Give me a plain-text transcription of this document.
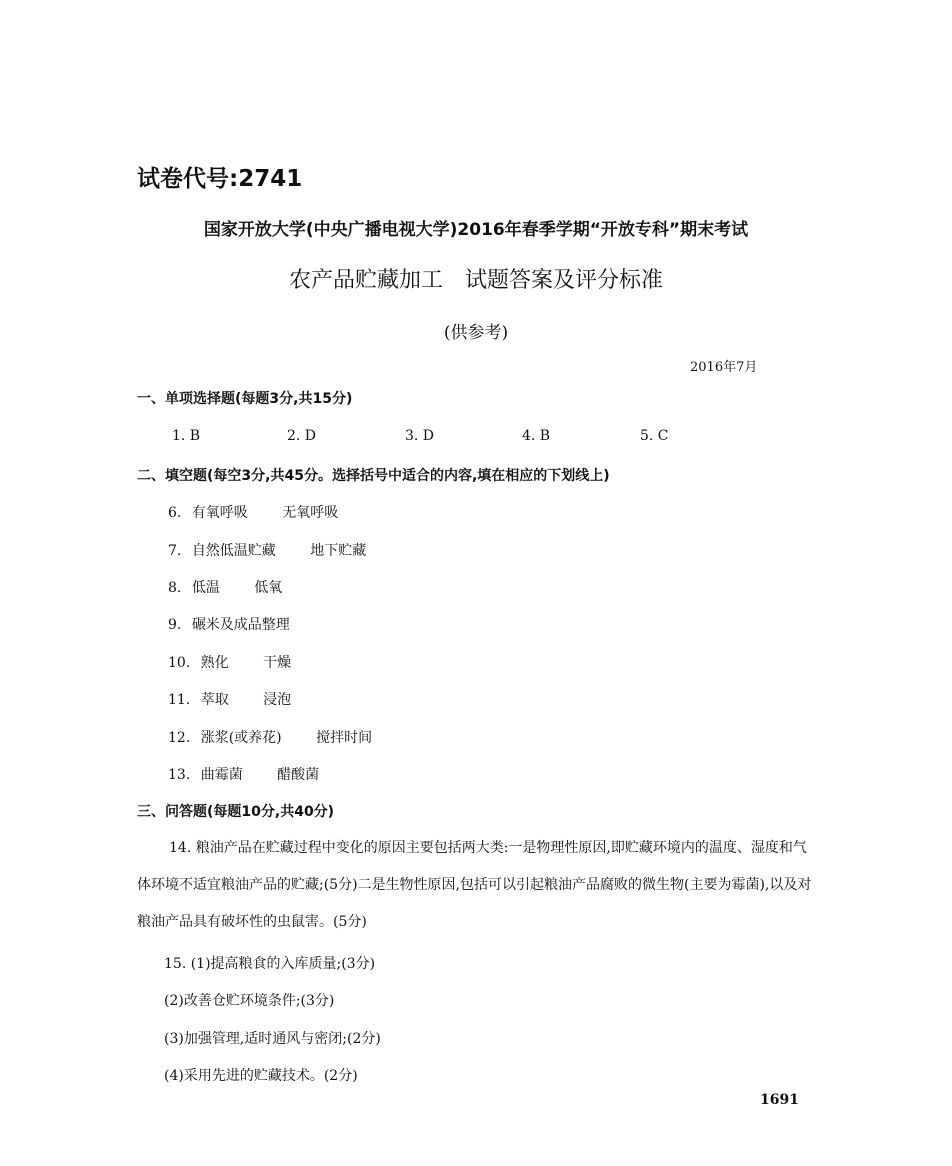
试卷代号:2741
国家开放大学(中央广播电视大学)2016年春季学期“开放专科”期末考试
农产品贮藏加工　试题答案及评分标准
(供参考)
2016年7月
一、单项选择题(每题3分,共15分)
1. B	2. D	3. D	4. B	5. C
二、填空题(每空3分,共45分。选择括号中适合的内容,填在相应的下划线上)
6. 有氧呼吸 无氧呼吸
7. 自然低温贮藏 地下贮藏
8. 低温 低氧
9. 碾米及成品整理
10. 熟化 干燥
11. 萃取 浸泡
12. 涨浆(或养花) 搅拌时间
13. 曲霉菌 醋酸菌
三、问答题(每题10分,共40分)
14. 粮油产品在贮藏过程中变化的原因主要包括两大类:一是物理性原因,即贮藏环境内的温度、湿度和气体环境不适宜粮油产品的贮藏;(5分)二是生物性原因,包括可以引起粮油产品腐败的微生物(主要为霉菌),以及对粮油产品具有破坏性的虫鼠害。(5分)
15. (1)提高粮食的入库质量;(3分)
(2)改善仓贮环境条件;(3分)
(3)加强管理,适时通风与密闭;(2分)
(4)采用先进的贮藏技术。(2分)
1691
